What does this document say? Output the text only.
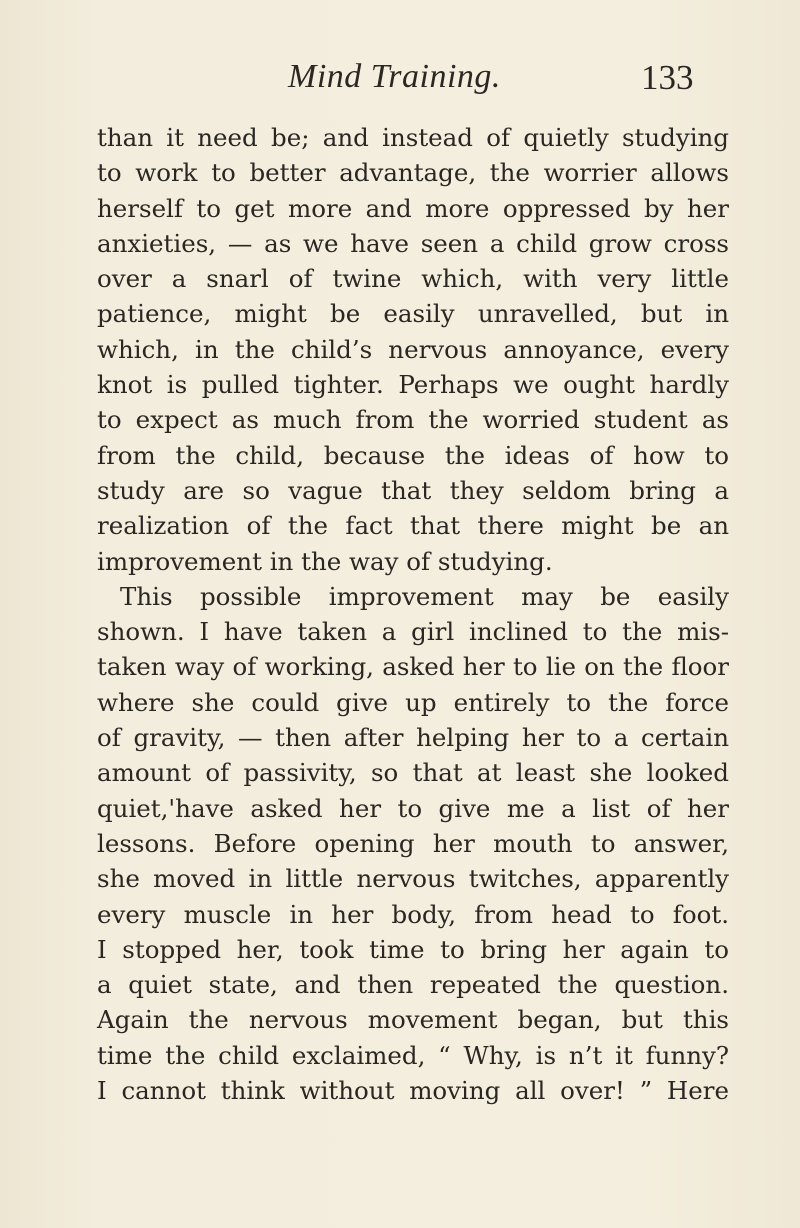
Mind Training.	133
than it need be; and instead of quietly studying
to work to better advantage, the worrier allows
herself to get more and more oppressed by her
anxieties, — as we have seen a child grow cross
over a snarl of twine which, with very little
patience, might be easily unravelled, but in
which, in the child’s nervous annoyance, every
knot is pulled tighter. Perhaps we ought hardly
to expect as much from the worried student as
from the child, because the ideas of how to
study are so vague that they seldom bring a
realization of the fact that there might be an
improvement in the way of studying.
This possible improvement may be easily
shown. I have taken a girl inclined to the mis-
taken way of working, asked her to lie on the floor
where she could give up entirely to the force
of gravity, — then after helping her to a certain
amount of passivity, so that at least she looked
quiet,'have asked her to give me a list of her
lessons. Before opening her mouth to answer,
she moved in little nervous twitches, apparently
every muscle in her body, from head to foot.
I stopped her, took time to bring her again to
a quiet state, and then repeated the question.
Again the nervous movement began, but this
time the child exclaimed, “ Why, is n’t it funny?
I cannot think without moving all over! ” Here
